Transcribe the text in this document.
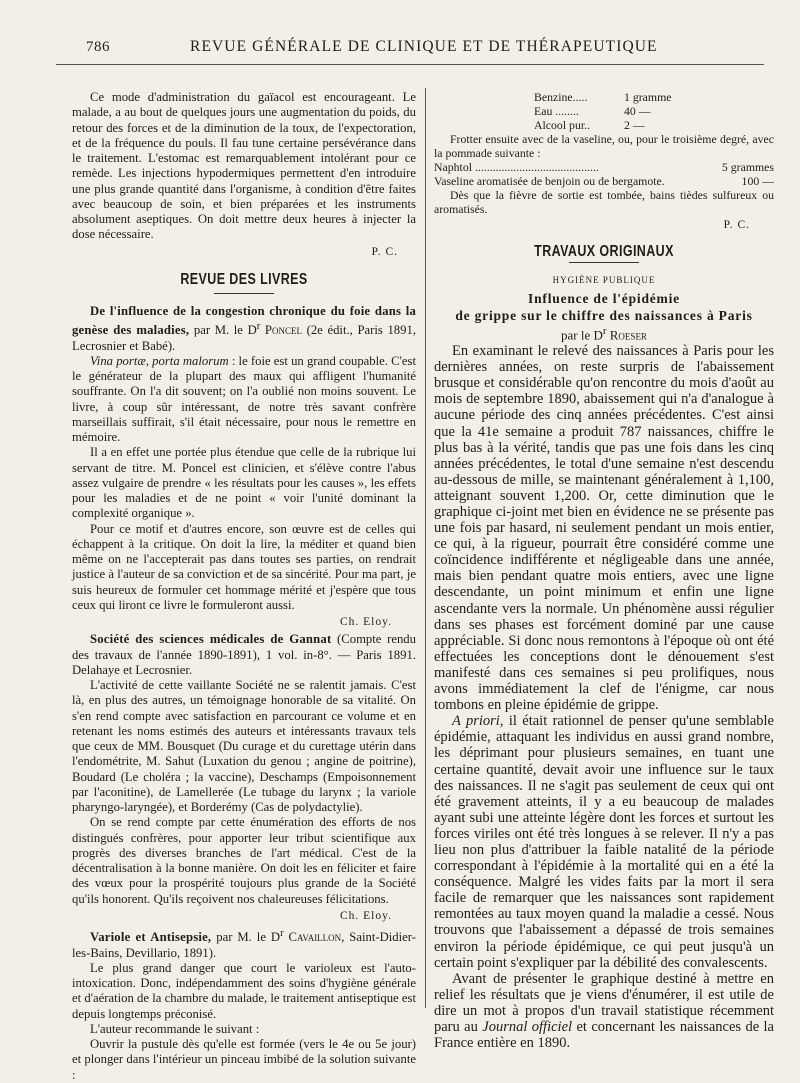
786	REVUE GÉNÉRALE DE CLINIQUE ET DE THÉRAPEUTIQUE

Ce mode d'administration du gaïacol est encourageant. Le malade, a au bout de quelques jours une augmentation du poids, du retour des forces et de la diminution de la toux, de l'expectoration, et de la fréquence du pouls. Il fau tune certaine persévérance dans le traitement. L'estomac est remarquablement intolérant pour ce remède. Les injections hypodermiques permettent d'en introduire une plus grande quantité dans l'organisme, à condition d'être faites avec beaucoup de soin, et bien préparées et les instruments absolument aseptiques. On doit mettre deux heures à injecter la dose nécessaire.

P. C.
REVUE DES LIVRES

De l'influence de la congestion chronique du foie dans la genèse des maladies, par M. le $D^r$ Poncel (2e édit., Paris 1891, Lecrosnier et Babé).

Vina portæ, porta malorum : le foie est un grand coupable. C'est le générateur de la plupart des maux qui affligent l'humanité souffrante. On l'a dit souvent; on l'a oublié non moins souvent. Le livre, à coup sûr intéressant, de notre très savant confrère marseillais suffirait, s'il était nécessaire, pour nous le remettre en mémoire.

Il a en effet une portée plus étendue que celle de la rubrique lui servant de titre. M. Poncel est clinicien, et s'élève contre l'abus assez vulgaire de prendre « les résultats pour les causes », les effets pour les maladies et de ne point « voir l'unité dominant la complexité organique ».

Pour ce motif et d'autres encore, son œuvre est de celles qui échappent à la critique. On doit la lire, la méditer et quand bien même on ne l'accepterait pas dans toutes ses parties, on rendrait justice à l'auteur de sa conviction et de sa sincérité. Pour ma part, je suis heureux de formuler cet hommage mérité et j'espère que tous ceux qui liront ce livre le formuleront aussi.

Ch. Eloy.

Société des sciences médicales de Gannat (Compte rendu des travaux de l'année 1890-1891), 1 vol. in-8°. — Paris 1891. Delahaye et Lecrosnier.

L'activité de cette vaillante Société ne se ralentit jamais. C'est là, en plus des autres, un témoignage honorable de sa vitalité. On s'en rend compte avec satisfaction en parcourant ce volume et en retenant les noms estimés des auteurs et intéressants travaux tels que ceux de MM. Bousquet (Du curage et du curettage utérin dans l'endométrite, M. Sahut (Luxation du genou ; angine de poitrine), Boudard (Le choléra ; la vaccine), Deschamps (Empoisonnement par l'aconitine), de Lamellerée (Le tubage du larynx ; la variole pharyngo-laryngée), et Borderémy (Cas de polydactylie).

On se rend compte par cette énumération des efforts de nos distingués confrères, pour apporter leur tribut scientifique aux progrès des diverses branches de l'art médical. C'est de la décentralisation à la bonne manière. On doit les en féliciter et faire des vœux pour la prospérité toujours plus grande de la Société qu'ils honorent. Qu'ils reçoivent nos chaleureuses félicitations.

Ch. Eloy.

Variole et Antisepsie, par M. le $D^r$ Cavaillon, Saint-Didier-les-Bains, Devillario, 1891).

Le plus grand danger que court le varioleux est l'auto-intoxication. Donc, indépendamment des soins d'hygiène générale et d'aération de la chambre du malade, le traitement antiseptique est depuis longtemps préconisé.

L'auteur recommande le suivant :

Ouvrir la pustule dès qu'elle est formée (vers le 4e ou 5e jour) et plonger dans l'intérieur un pinceau imbibé de la solution suivante :

Benzine.....	1 gramme
Eau ........	40 —
Alcool pur..	2 —

Frotter ensuite avec de la vaseline, ou, pour le troisième degré, avec la pommade suivante :

Naphtol ..........................................	5 grammes
Vaseline aromatisée de benjoin ou de bergamote.	100 —

Dès que la fièvre de sortie est tombée, bains tièdes sulfureux ou aromatisés.

P. C.
TRAVAUX ORIGINAUX
HYGIÈNE PUBLIQUE
Influence de l'épidémie
de grippe sur le chiffre des naissances à Paris
par le $D^r$ Roeser

En examinant le relevé des naissances à Paris pour les dernières années, on reste surpris de l'abaissement brusque et considérable qu'on rencontre du mois d'août au mois de septembre 1890, abaissement qui n'a d'analogue à aucune période des cinq années précédentes. C'est ainsi que la 41e semaine a produit 787 naissances, chiffre le plus bas à la vérité, tandis que pas une fois dans les cinq années précédentes, le total d'une semaine n'est descendu au-dessous de mille, se maintenant généralement à 1,100, atteignant souvent 1,200. Or, cette diminution que le graphique ci-joint met bien en évidence ne se présente pas une fois par hasard, ni seulement pendant un mois entier, ce qui, à la rigueur, pourrait être considéré comme une coïncidence indifférente et négligeable dans une année, mais bien pendant quatre mois entiers, avec une ligne descendante, un point minimum et enfin une ligne ascendante vers la normale. Un phénomène aussi régulier dans ses phases est forcément dominé par une cause appréciable. Si donc nous remontons à l'époque où ont été effectuées les conceptions dont le dénouement s'est manifesté dans ces semaines si peu prolifiques, nous avons immédiatement la clef de l'énigme, car nous tombons en pleine épidémie de grippe.

A priori, il était rationnel de penser qu'une semblable épidémie, attaquant les individus en aussi grand nombre, les déprimant pour plusieurs semaines, en tuant une certaine quantité, devait avoir une influence sur le taux des naissances. Il ne s'agit pas seulement de ceux qui ont été gravement atteints, il y a eu beaucoup de malades ayant subi une atteinte légère dont les forces et surtout les forces viriles ont été très longues à se relever. Il n'y a pas lieu non plus d'attribuer la faible natalité de la période correspondant à l'épidémie à la mortalité qui en a été la conséquence. Malgré les vides faits par la mort il sera facile de remarquer que les naissances sont rapidement remontées au taux moyen quand la maladie a cessé. Nous trouvons que l'abaissement a dépassé de trois semaines environ la période épidémique, ce qui peut jusqu'à un certain point s'expliquer par la débilité des convalescents.

Avant de présenter le graphique destiné à mettre en relief les résultats que je viens d'énumérer, il est utile de dire un mot à propos d'un travail statistique récemment paru au Journal officiel et concernant les naissances de la France entière en 1890.
